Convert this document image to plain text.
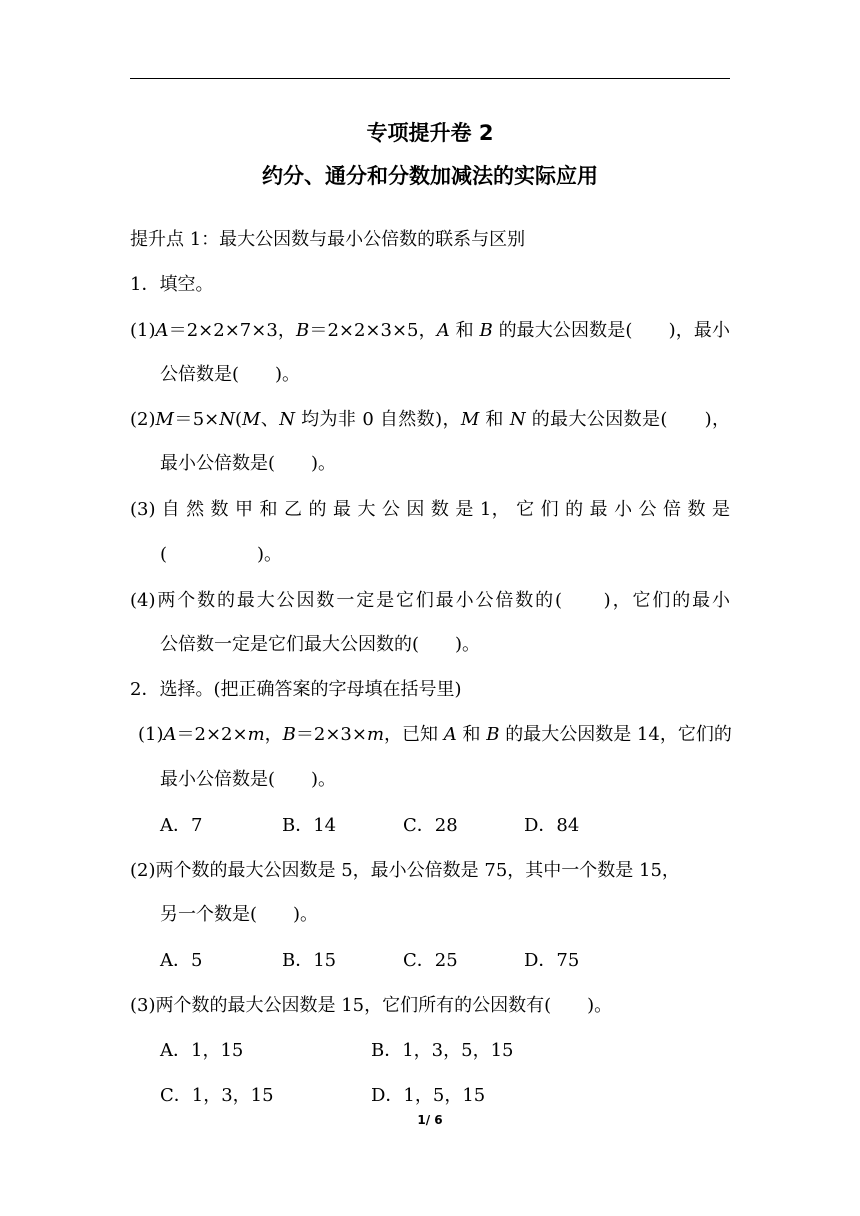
专项提升卷 2
约分、通分和分数加减法的实际应用
提升点 1：最大公因数与最小公倍数的联系与区别
1．填空。
(1)A＝2×2×7×3，B＝2×2×3×5，A 和 B 的最大公因数是(　　)，最小
公倍数是(　　)。
(2)M＝5×N(M、N 均为非 0 自然数)，M 和 N 的最大公因数是(　　)，
最小公倍数是(　　)。
(3) 自 然 数 甲 和 乙 的 最 大 公 因 数 是 1， 它 们 的 最 小 公 倍 数 是
(　　　　　)。
(4)两个数的最大公因数一定是它们最小公倍数的(　　)，它们的最小
公倍数一定是它们最大公因数的(　　)。
2．选择。(把正确答案的字母填在括号里)
(1)A＝2×2×m，B＝2×3×m，已知 A 和 B 的最大公因数是 14，它们的
最小公倍数是(　　)。
A．7	B．14	C．28	D．84
(2)两个数的最大公因数是 5，最小公倍数是 75，其中一个数是 15，
另一个数是(　　)。
A．5	B．15	C．25	D．75
(3)两个数的最大公因数是 15，它们所有的公因数有(　　)。
A．1，15	B．1，3，5，15
C．1，3，15	D．1，5，15
1/ 6
